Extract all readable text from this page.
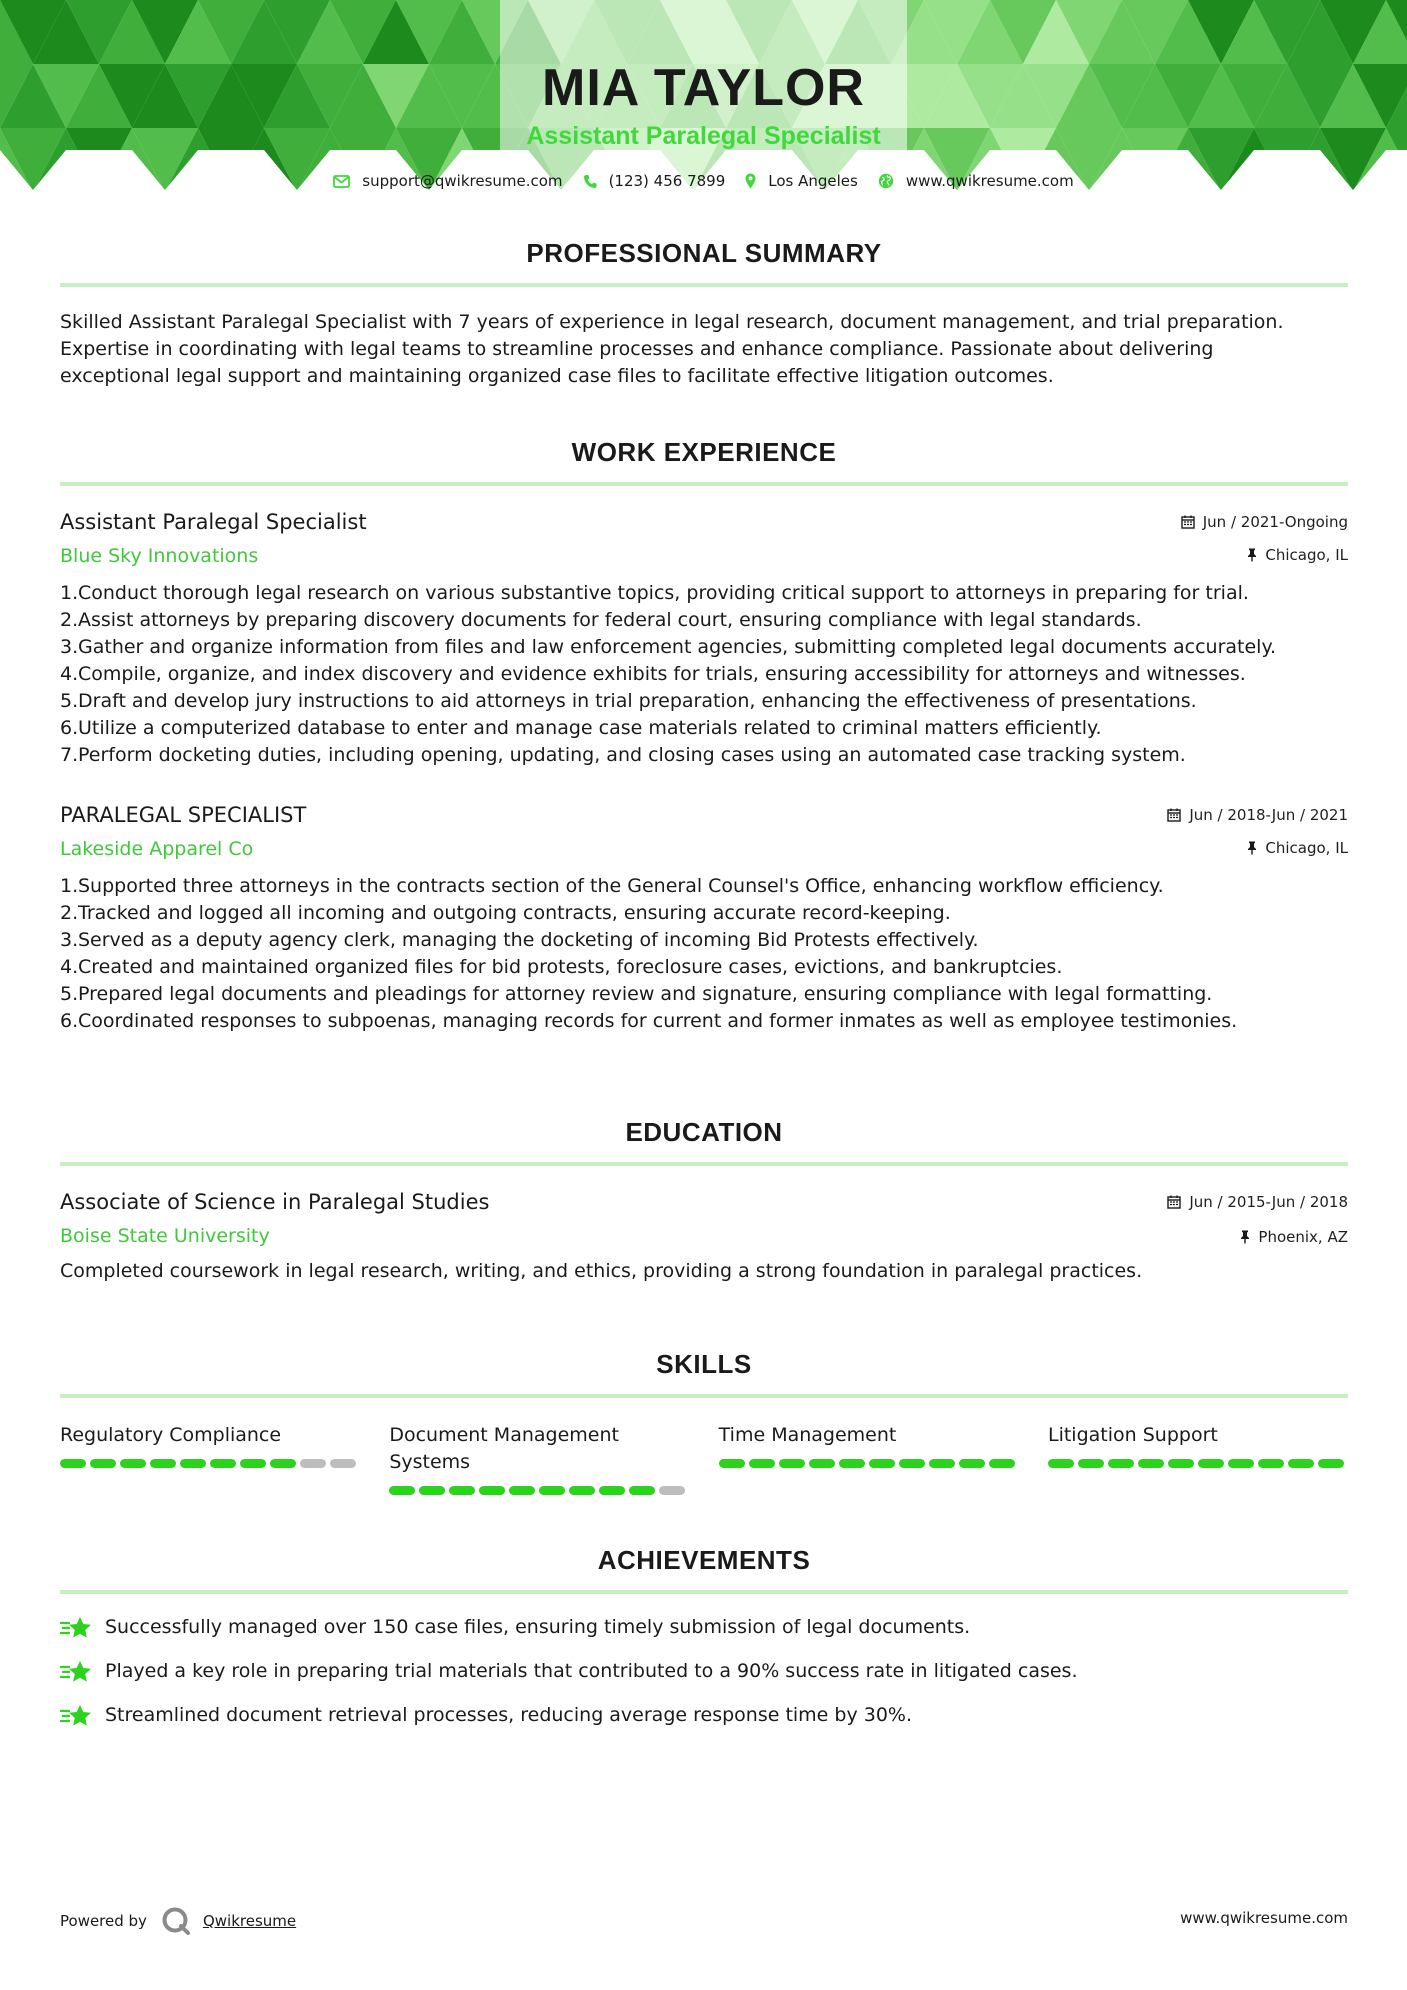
MIA TAYLOR
Assistant Paralegal Specialist
support@qwikresume.com	(123) 456 7899	Los Angeles	www.qwikresume.com
PROFESSIONAL SUMMARY
Skilled Assistant Paralegal Specialist with 7 years of experience in legal research, document management, and trial preparation.
Expertise in coordinating with legal teams to streamline processes and enhance compliance. Passionate about delivering
exceptional legal support and maintaining organized case files to facilitate effective litigation outcomes.
WORK EXPERIENCE
Assistant Paralegal Specialist
Blue Sky Innovations
Jun / 2021-Ongoing
Chicago, IL
1. Conduct thorough legal research on various substantive topics, providing critical support to attorneys in preparing for trial.
2. Assist attorneys by preparing discovery documents for federal court, ensuring compliance with legal standards.
3. Gather and organize information from files and law enforcement agencies, submitting completed legal documents accurately.
4. Compile, organize, and index discovery and evidence exhibits for trials, ensuring accessibility for attorneys and witnesses.
5. Draft and develop jury instructions to aid attorneys in trial preparation, enhancing the effectiveness of presentations.
6. Utilize a computerized database to enter and manage case materials related to criminal matters efficiently.
7. Perform docketing duties, including opening, updating, and closing cases using an automated case tracking system.
PARALEGAL SPECIALIST
Lakeside Apparel Co
Jun / 2018-Jun / 2021
Chicago, IL
1. Supported three attorneys in the contracts section of the General Counsel's Office, enhancing workflow efficiency.
2. Tracked and logged all incoming and outgoing contracts, ensuring accurate record-keeping.
3. Served as a deputy agency clerk, managing the docketing of incoming Bid Protests effectively.
4. Created and maintained organized files for bid protests, foreclosure cases, evictions, and bankruptcies.
5. Prepared legal documents and pleadings for attorney review and signature, ensuring compliance with legal formatting.
6. Coordinated responses to subpoenas, managing records for current and former inmates as well as employee testimonies.
EDUCATION
Associate of Science in Paralegal Studies
Boise State University
Jun / 2015-Jun / 2018
Phoenix, AZ
Completed coursework in legal research, writing, and ethics, providing a strong foundation in paralegal practices.
SKILLS
Regulatory Compliance	Document Management Systems
Time Management	Litigation Support
ACHIEVEMENTS
Successfully managed over 150 case files, ensuring timely submission of legal documents.
Played a key role in preparing trial materials that contributed to a 90% success rate in litigated cases.
Streamlined document retrieval processes, reducing average response time by 30%.
Powered by	Qwikresume	www.qwikresume.com
